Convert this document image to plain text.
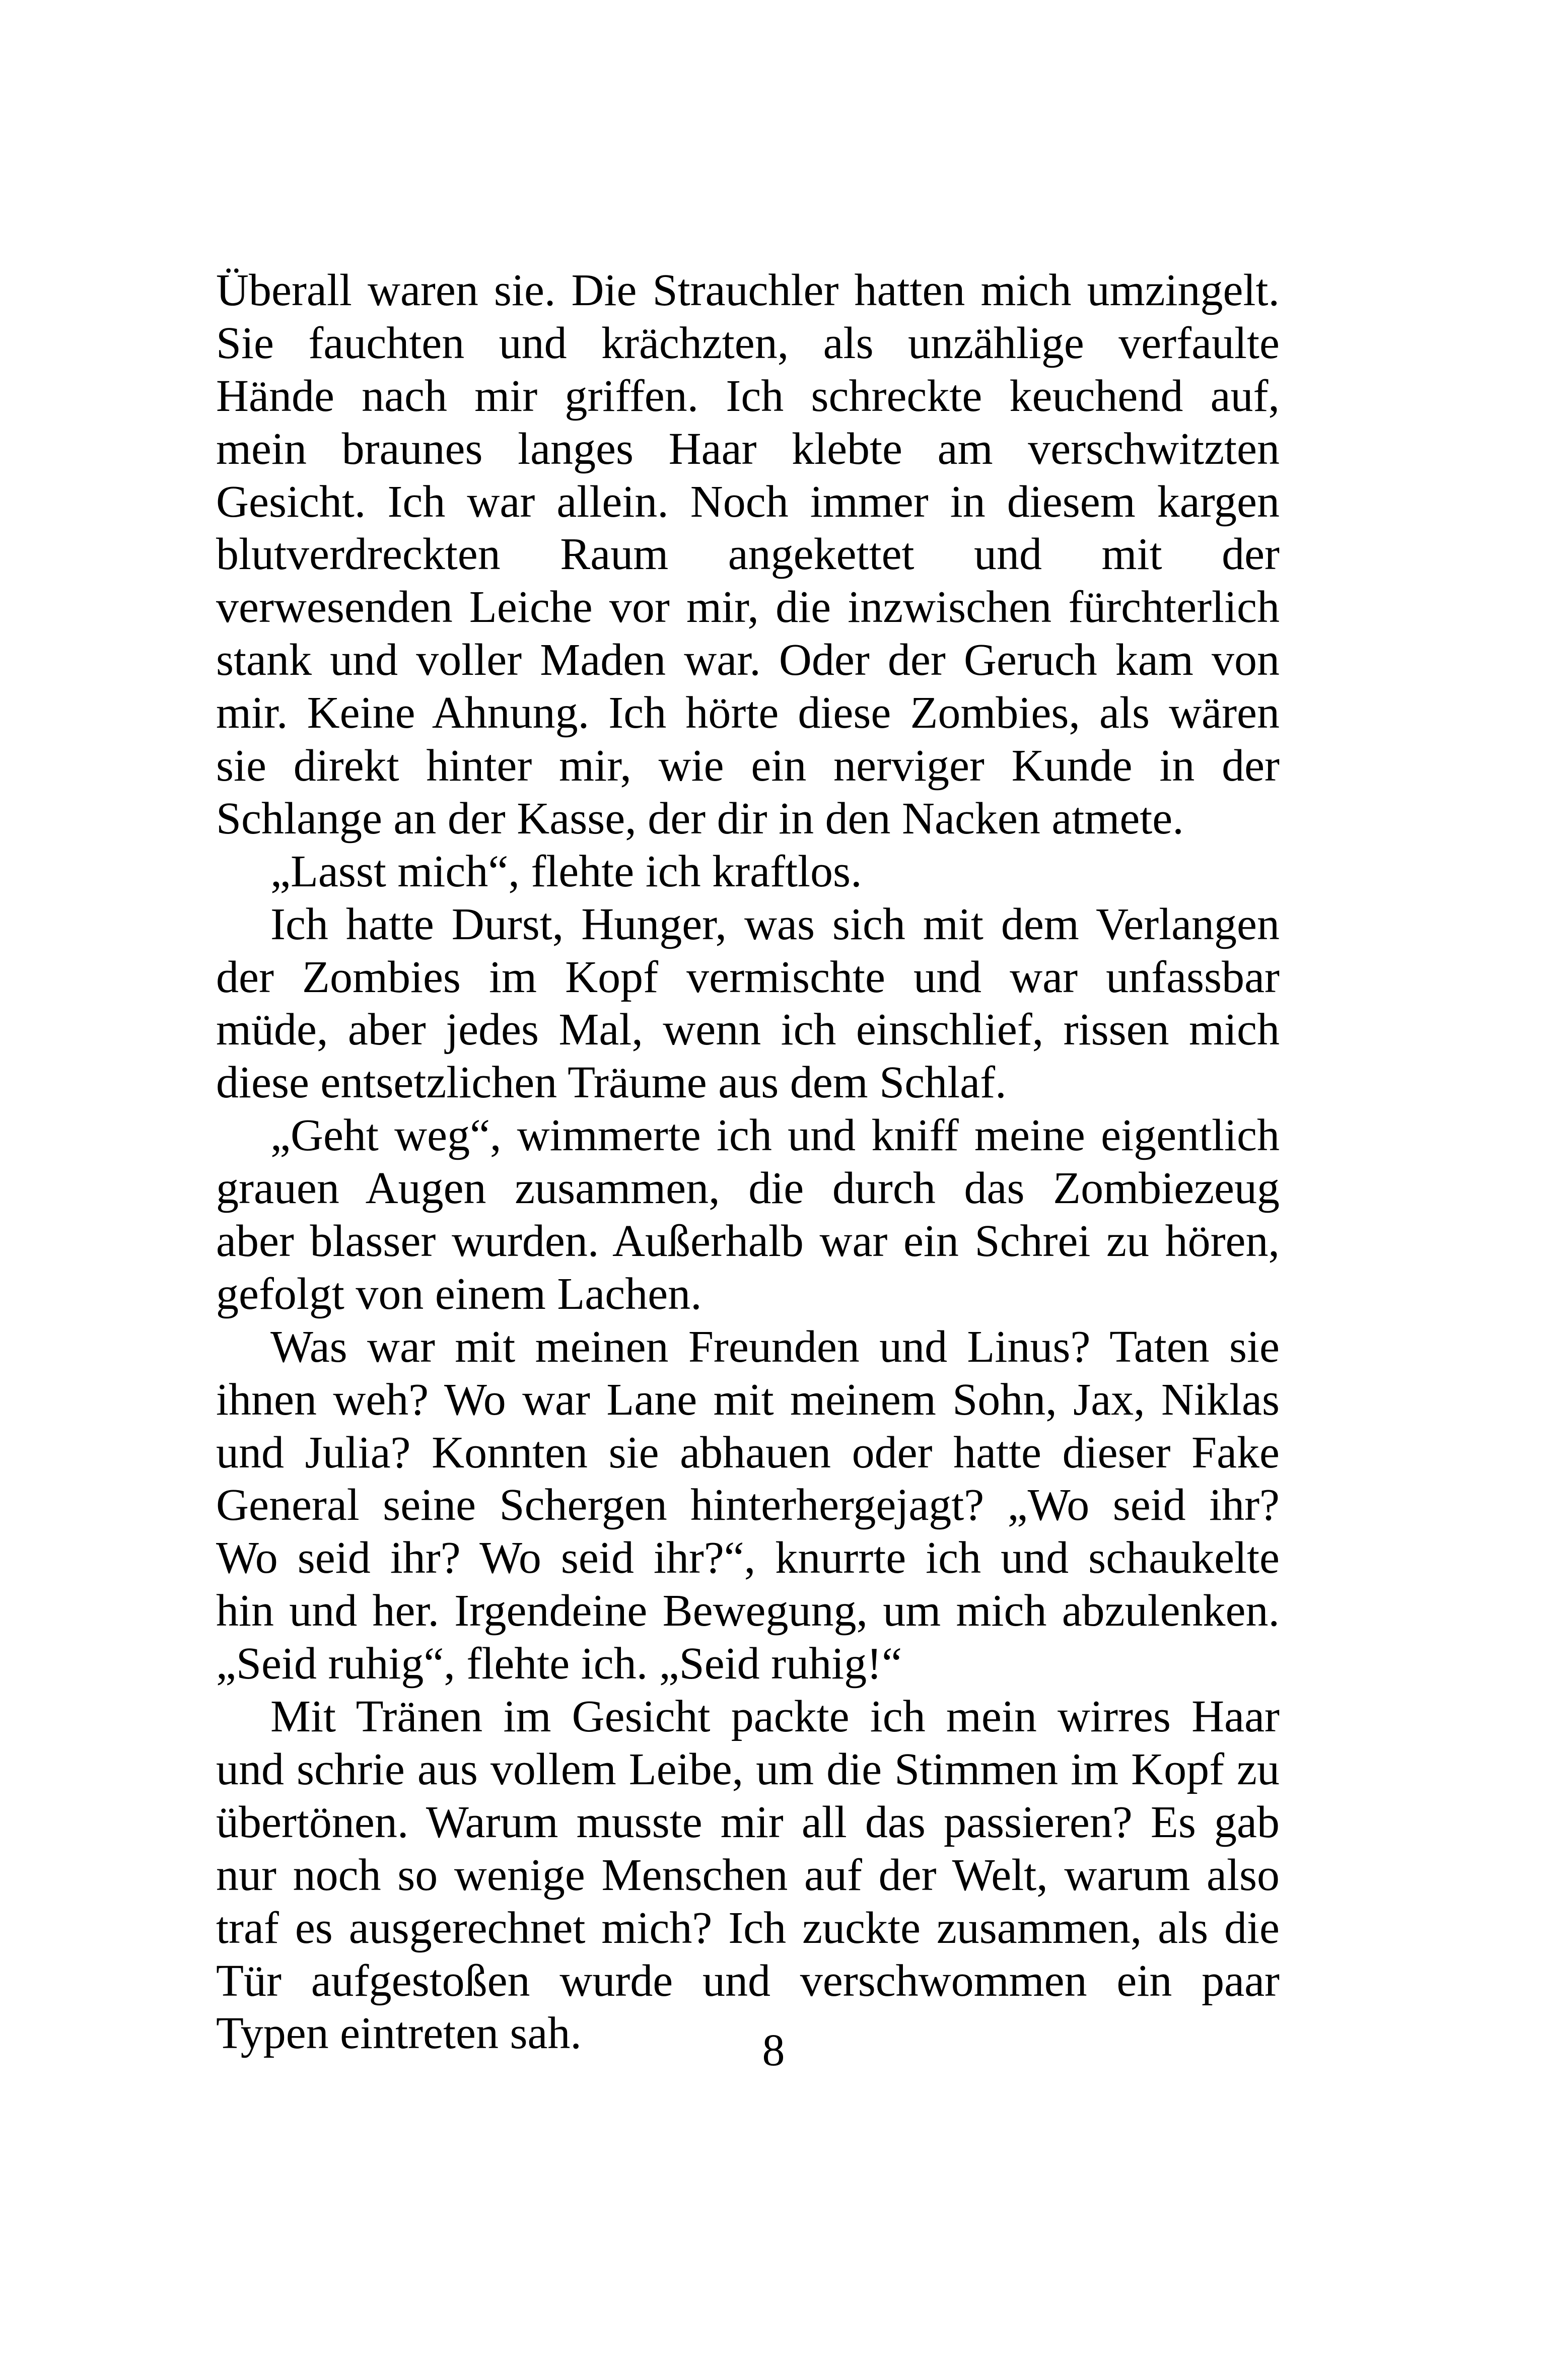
Überall waren sie. Die Strauchler hatten mich umzingelt.
Sie fauchten und krächzten, als unzählige verfaulte
Hände nach mir griffen. Ich schreckte keuchend auf,
mein braunes langes Haar klebte am verschwitzten
Gesicht. Ich war allein. Noch immer in diesem kargen
blutverdreckten Raum angekettet und mit der
verwesenden Leiche vor mir, die inzwischen fürchterlich
stank und voller Maden war. Oder der Geruch kam von
mir. Keine Ahnung. Ich hörte diese Zombies, als wären
sie direkt hinter mir, wie ein nerviger Kunde in der
Schlange an der Kasse, der dir in den Nacken atmete.
„Lasst mich“, flehte ich kraftlos.
Ich hatte Durst, Hunger, was sich mit dem Verlangen
der Zombies im Kopf vermischte und war unfassbar
müde, aber jedes Mal, wenn ich einschlief, rissen mich
diese entsetzlichen Träume aus dem Schlaf.
„Geht weg“, wimmerte ich und kniff meine eigentlich
grauen Augen zusammen, die durch das Zombiezeug
aber blasser wurden. Außerhalb war ein Schrei zu hören,
gefolgt von einem Lachen.
Was war mit meinen Freunden und Linus? Taten sie
ihnen weh? Wo war Lane mit meinem Sohn, Jax, Niklas
und Julia? Konnten sie abhauen oder hatte dieser Fake
General seine Schergen hinterhergejagt? „Wo seid ihr?
Wo seid ihr? Wo seid ihr?“, knurrte ich und schaukelte
hin und her. Irgendeine Bewegung, um mich abzulenken.
„Seid ruhig“, flehte ich. „Seid ruhig!“
Mit Tränen im Gesicht packte ich mein wirres Haar
und schrie aus vollem Leibe, um die Stimmen im Kopf zu
übertönen. Warum musste mir all das passieren? Es gab
nur noch so wenige Menschen auf der Welt, warum also
traf es ausgerechnet mich? Ich zuckte zusammen, als die
Tür aufgestoßen wurde und verschwommen ein paar
Typen eintreten sah.	8
